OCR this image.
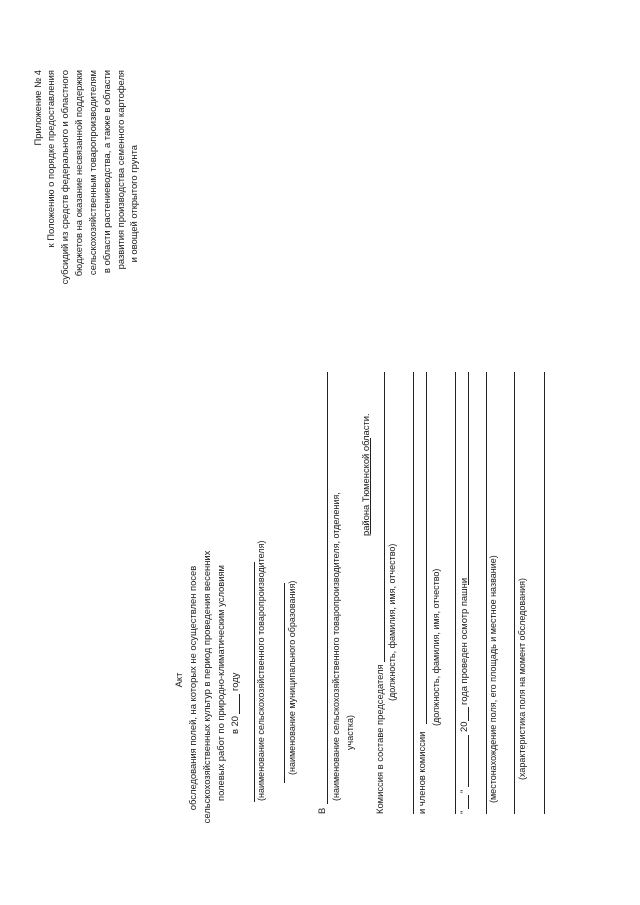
Приложение № 4 к Положению о порядке предоставления субсидий из средств федерального и областного бюджетов на оказание несвязанной поддержки сельскохозяйственным товаропроизводителям в области растениеводства, а также в области развития производства семенного картофеля и овощей открытого грунта
Акт обследования полей, на которых не осуществлен посев сельскохозяйственных культур в период проведения весенних полевых работ по природно-климатическим условиям в 20
году (наименование сельскохозяйственного товаропроизводителя) (наименование муниципального образования)
В
(наименование сельскохозяйственного товаропроизводителя, отделения, участка)
района Тюменской области.
Комиссия в составе председателя
(должность, фамилия, имя, отчество)
и членов комиссии
(должность, фамилия, имя, отчество)
"
"
20
года проведен осмотр пашни (местонахождение поля, его площадь и местное название) (характеристика поля на момент обследования)
